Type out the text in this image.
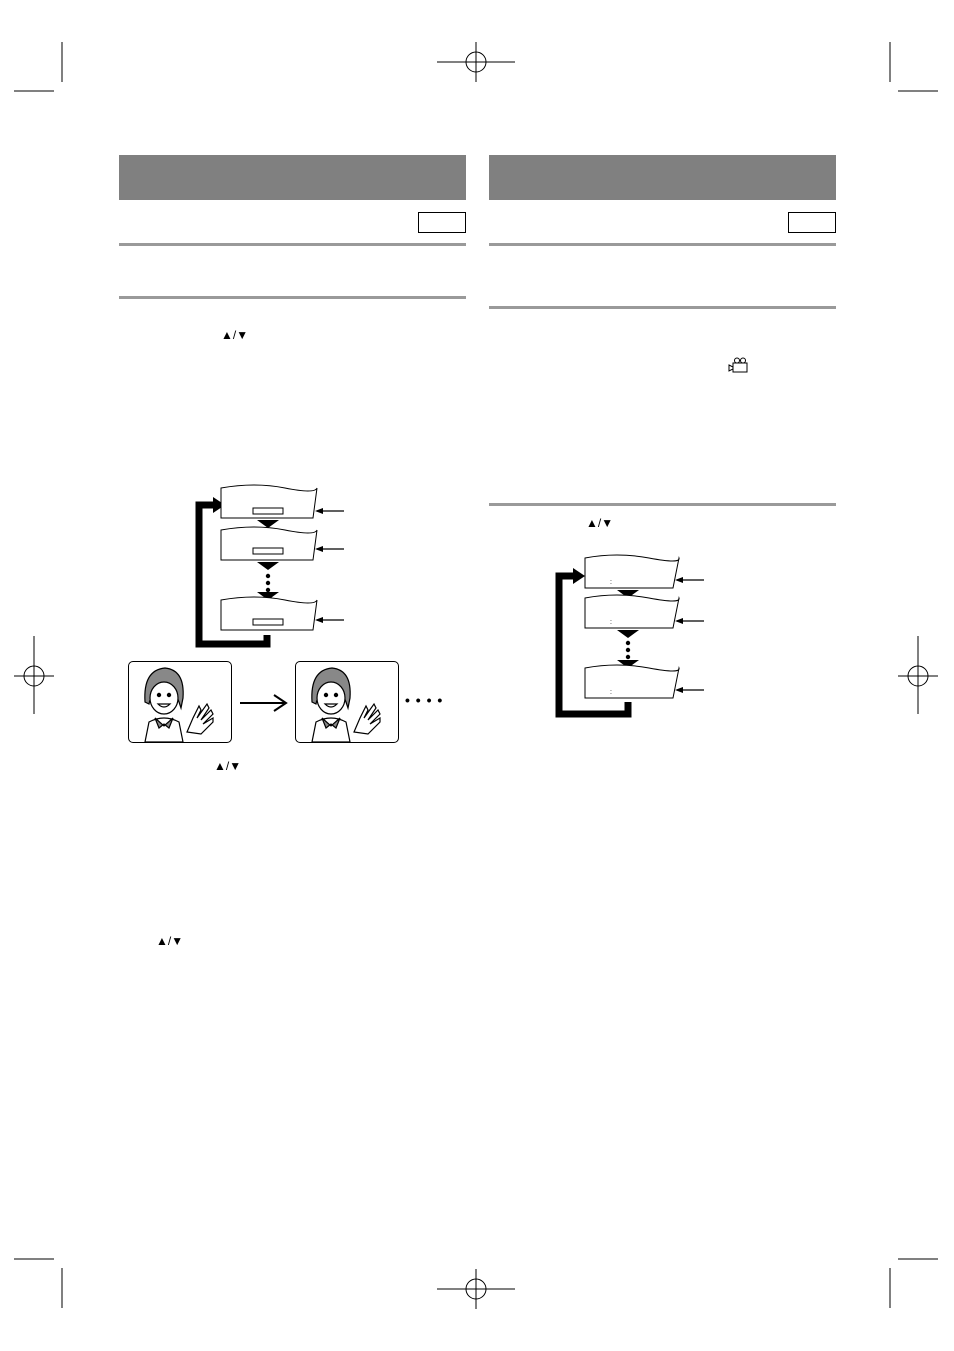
▲/▼
• • • •
▲/▼
▲/▼
▲/▼
:
:
:
